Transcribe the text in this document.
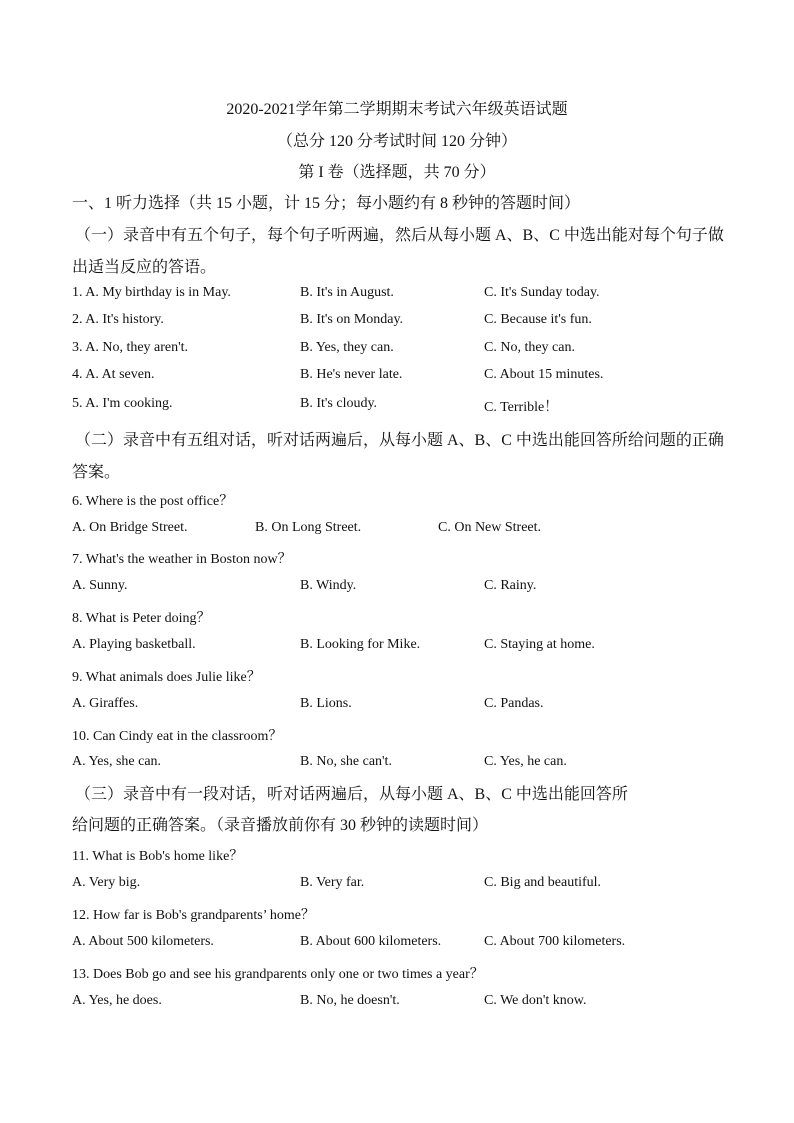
2020-2021学年第二学期期末考试六年级英语试题
（总分 120 分考试时间 120 分钟）
第 I 卷（选择题，共 70 分）
一、1 听力选择（共 15 小题，计 15 分；每小题约有 8 秒钟的答题时间）
（一）录音中有五个句子，每个句子听两遍，然后从每小题 A、B、C 中选出能对每个句子做
出适当反应的答语。
1. A. My birthday is in May.	B. It's in August.	C. It's Sunday today.
2. A. It's history.	B. It's on Monday.	C. Because it's fun.
3. A. No, they aren't.	B. Yes, they can.	C. No, they can.
4. A. At seven.	B. He's never late.	C. About 15 minutes.
5. A. I'm cooking.	B. It's cloudy.	C. Terrible！
（二）录音中有五组对话，听对话两遍后，从每小题 A、B、C 中选出能回答所给问题的正确
答案。
6. Where is the post office？
A. On Bridge Street.	B. On Long Street.	C. On New Street.
7. What's the weather in Boston now？
A. Sunny.	B. Windy.	C. Rainy.
8. What is Peter doing？
A. Playing basketball.	B. Looking for Mike.	C. Staying at home.
9. What animals does Julie like？
A. Giraffes.	B. Lions.	C. Pandas.
10. Can Cindy eat in the classroom？
A. Yes, she can.	B. No, she can't.	C. Yes, he can.
（三）录音中有一段对话，听对话两遍后，从每小题 A、B、C 中选出能回答所
给问题的正确答案。（录音播放前你有 30 秒钟的读题时间）
11. What is Bob's home like？
A. Very big.	B. Very far.	C. Big and beautiful.
12. How far is Bob's grandparents’ home？
A. About 500 kilometers.	B. About 600 kilometers.	C. About 700 kilometers.
13. Does Bob go and see his grandparents only one or two times a year？
A. Yes, he does.	B. No, he doesn't.	C. We don't know.
